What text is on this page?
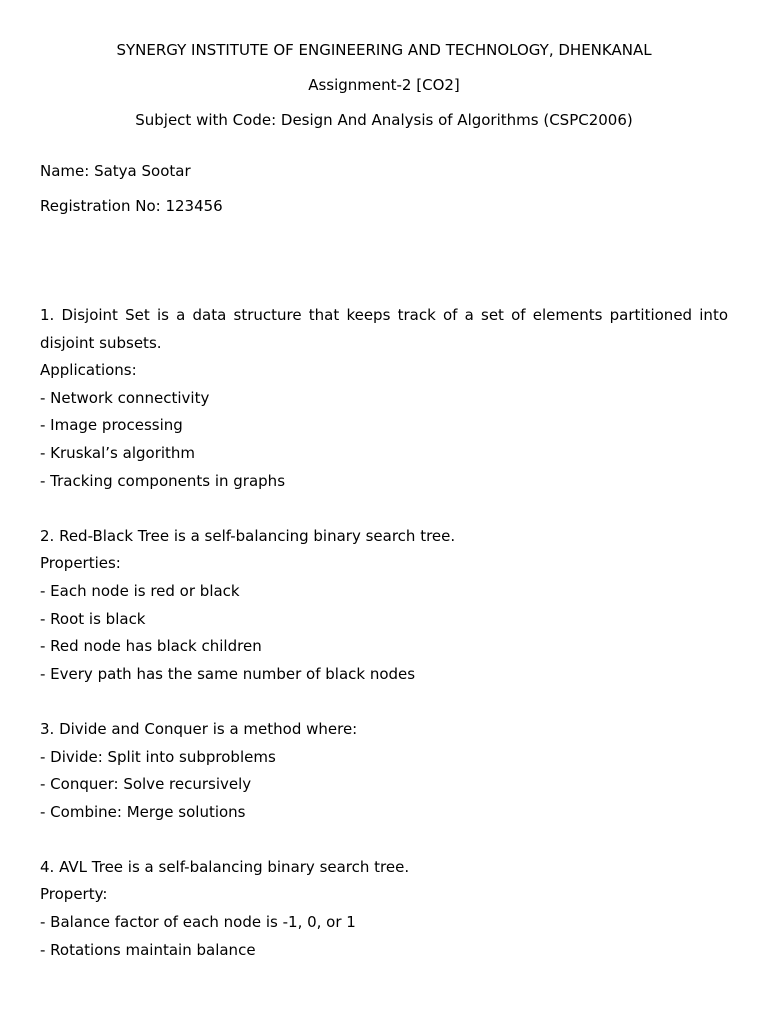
SYNERGY INSTITUTE OF ENGINEERING AND TECHNOLOGY, DHENKANAL
Assignment-2 [CO2]
Subject with Code: Design And Analysis of Algorithms (CSPC2006)
Name: Satya Sootar
Registration No: 123456
1. Disjoint Set is a data structure that keeps track of a set of elements partitioned into
disjoint subsets.
Applications:
- Network connectivity
- Image processing
- Kruskal’s algorithm
- Tracking components in graphs
2. Red-Black Tree is a self-balancing binary search tree.
Properties:
- Each node is red or black
- Root is black
- Red node has black children
- Every path has the same number of black nodes
3. Divide and Conquer is a method where:
- Divide: Split into subproblems
- Conquer: Solve recursively
- Combine: Merge solutions
4. AVL Tree is a self-balancing binary search tree.
Property:
- Balance factor of each node is -1, 0, or 1
- Rotations maintain balance
